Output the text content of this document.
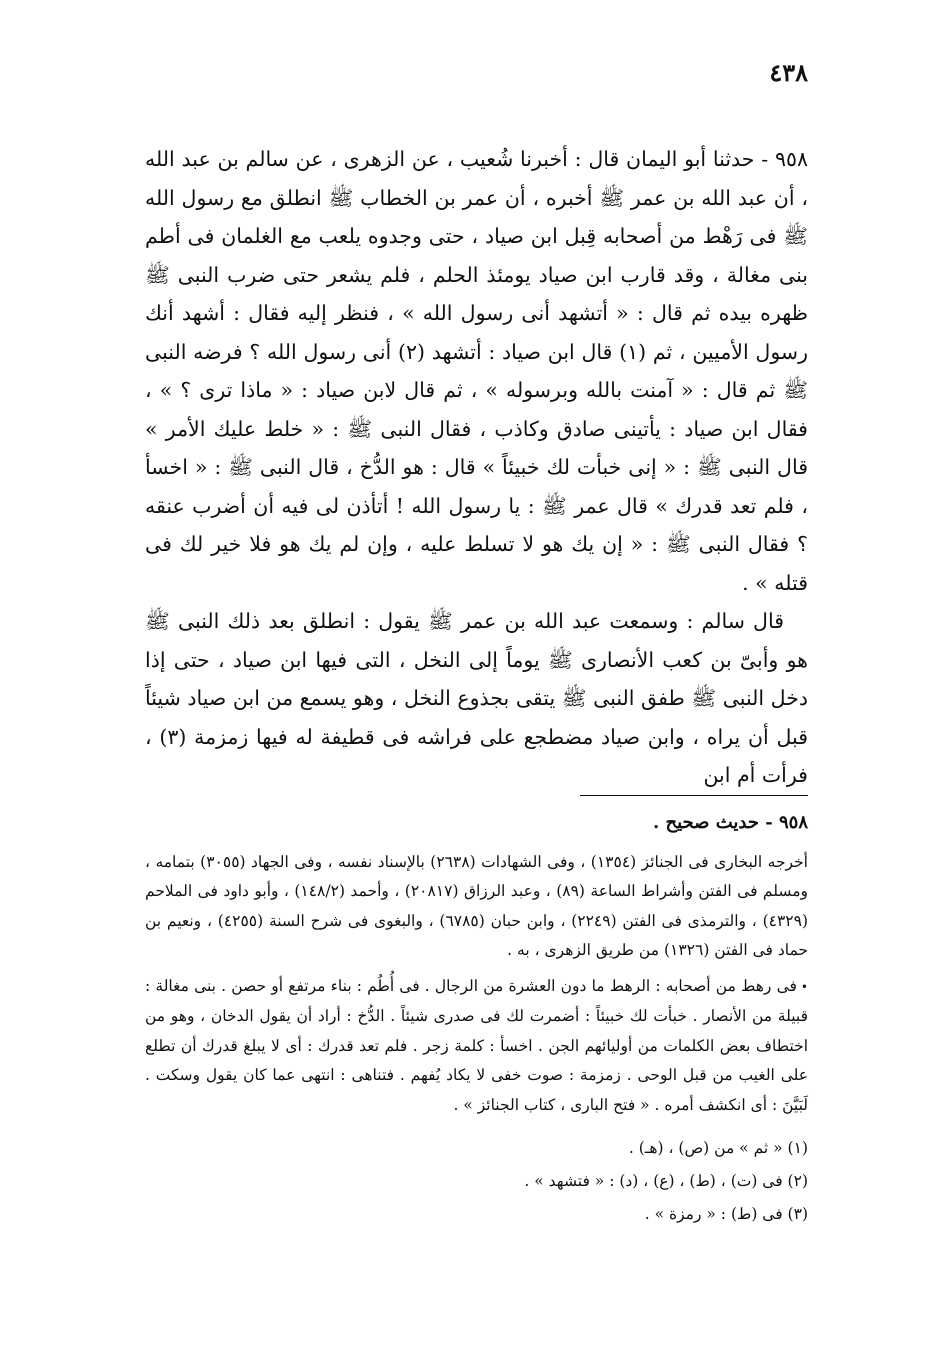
٤٣٨

٩٥٨ - حدثنا أبو اليمان قال : أخبرنا شُعيب ، عن الزهرى ، عن سالم بن عبد الله ، أن عبد الله بن عمر ﷺ أخبره ، أن عمر بن الخطاب ﷺ انطلق مع رسول الله ﷺ فى رَهْط من أصحابه قِبل ابن صياد ، حتى وجدوه يلعب مع الغلمان فى أطم بنى مغالة ، وقد قارب ابن صياد يومئذ الحلم ، فلم يشعر حتى ضرب النبى ﷺ ظهره بيده ثم قال : « أتشهد أنى رسول الله » ، فنظر إليه فقال : أشهد أنك رسول الأميين ، ثم (١) قال ابن صياد : أتشهد (٢) أنى رسول الله ؟ فرضه النبى ﷺ ثم قال : « آمنت بالله وبرسوله » ، ثم قال لابن صياد : « ماذا ترى ؟ » ، فقال ابن صياد : يأتينى صادق وكاذب ، فقال النبى ﷺ : « خلط عليك الأمر » قال النبى ﷺ : « إنى خبأت لك خبيئاً » قال : هو الدُّخ ، قال النبى ﷺ : « اخسأ ، فلم تعد قدرك » قال عمر ﷺ : يا رسول الله ! أتأذن لى فيه أن أضرب عنقه ؟ فقال النبى ﷺ : « إن يك هو لا تسلط عليه ، وإن لم يك هو فلا خير لك فى قتله » .

قال سالم : وسمعت عبد الله بن عمر ﷺ يقول : انطلق بعد ذلك النبى ﷺ هو وأبىّ بن كعب الأنصارى ﷺ يوماً إلى النخل ، التى فيها ابن صياد ، حتى إذا دخل النبى ﷺ طفق النبى ﷺ يتقى بجذوع النخل ، وهو يسمع من ابن صياد شيئاً قبل أن يراه ، وابن صياد مضطجع على فراشه فى قطيفة له فيها زمزمة (٣) ، فرأت أم ابن

٩٥٨ - حديث صحيح .

أخرجه البخارى فى الجنائز (١٣٥٤) ، وفى الشهادات (٢٦٣٨) بالإسناد نفسه ، وفى الجهاد (٣٠٥٥) بتمامه ، ومسلم فى الفتن وأشراط الساعة (٨٩) ، وعبد الرزاق (٢٠٨١٧) ، وأحمد (١٤٨/٢) ، وأبو داود فى الملاحم (٤٣٢٩) ، والترمذى فى الفتن (٢٢٤٩) ، وابن حبان (٦٧٨٥) ، والبغوى فى شرح السنة (٤٢٥٥) ، ونعيم بن حماد فى الفتن (١٣٢٦) من طريق الزهرى ، به .

•فى رهط من أصحابه : الرهط ما دون العشرة من الرجال . فى أُطُم : بناء مرتفع أو حصن . بنى مغالة : قبيلة من الأنصار . خبأت لك خبيئاً : أضمرت لك فى صدرى شيئاً . الدُّخ : أراد أن يقول الدخان ، وهو من اختطاف بعض الكلمات من أوليائهم الجن . اخسأ : كلمة زجر . فلم تعد قدرك : أى لا يبلغ قدرك أن تطلع على الغيب من قبل الوحى . زمزمة : صوت خفى لا يكاد يُفهم . فتناهى : انتهى عما كان يقول وسكت . لَبَيَّنَ : أى انكشف أمره . « فتح البارى ، كتاب الجنائز » .

(١) « ثم » من (ص) ، (هـ) .

(٢) فى (ت) ، (ط) ، (ع) ، (د) : « فتشهد » .

(٣) فى (ط) : « رمزة » .
